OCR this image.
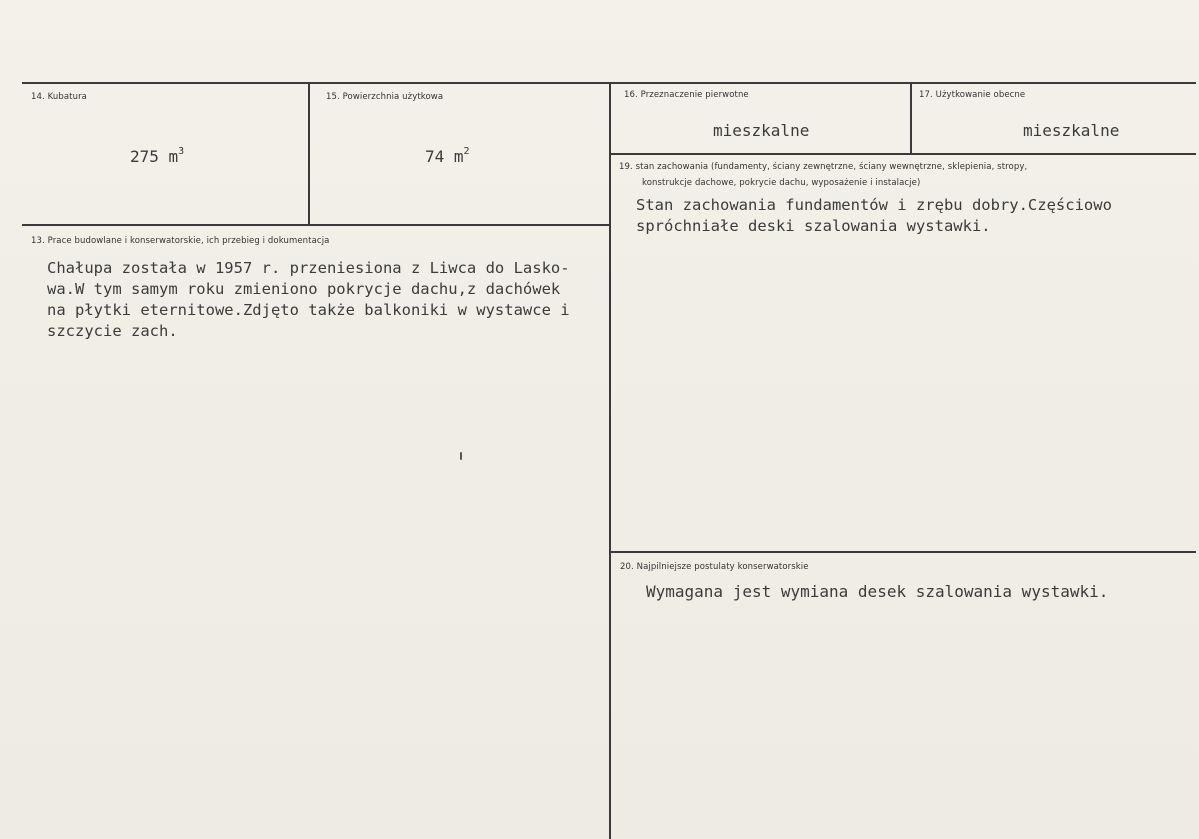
14. Kubatura
275 $m^3$
15. Powierzchnia użytkowa
74 $m^2$
16. Przeznaczenie pierwotne
mieszkalne
17. Użytkowanie obecne
mieszkalne
13. Prace budowlane i konserwatorskie, ich przebieg i dokumentacja
Chałupa została w 1957 r. przeniesiona z Liwca do Lasko-
wa.W tym samym roku zmieniono pokrycje dachu,z dachówek
na płytki eternitowe.Zdjęto także balkoniki w wystawce i
szczycie zach.
19. stan zachowania (fundamenty, ściany zewnętrzne, ściany wewnętrzne, sklepienia, stropy,
konstrukcje dachowe, pokrycie dachu, wyposażenie i instalacje)
Stan zachowania fundamentów i zrębu dobry.Częściowo
spróchniałe deski szalowania wystawki.
20. Najpilniejsze postulaty konserwatorskie
Wymagana jest wymiana desek szalowania wystawki.
